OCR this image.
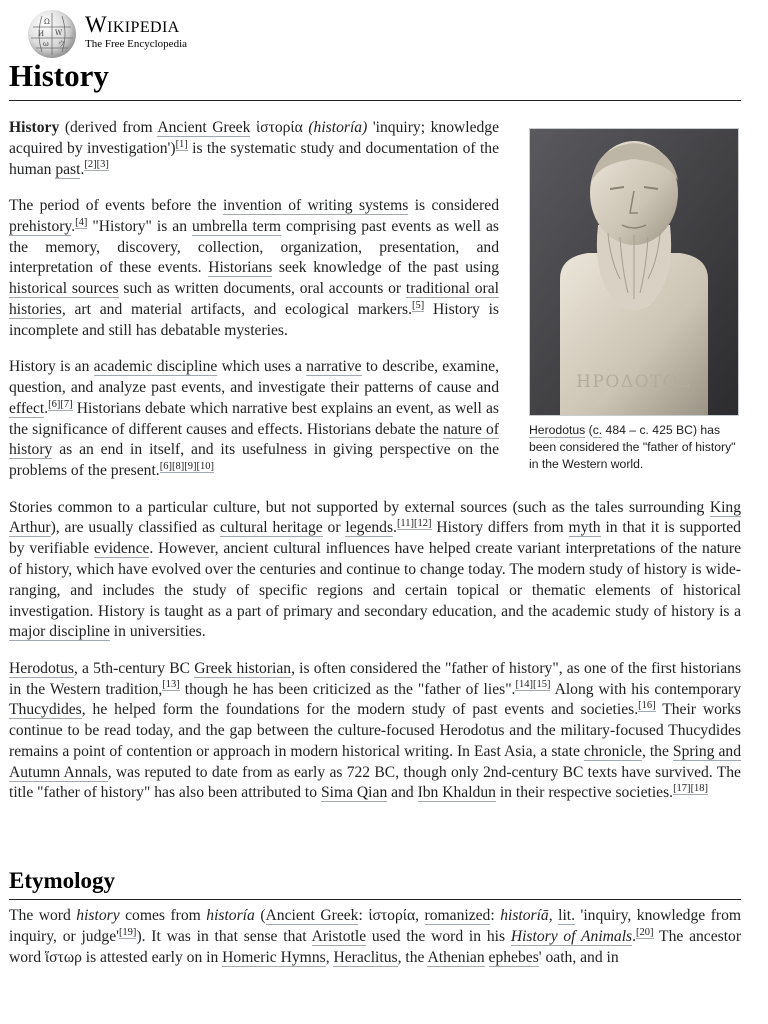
Ω
W
И
ウ
ω
Wikipedia
The Free Encyclopedia
History
ΗΡΟΔΟΤΟΣ
Herodotus (c. 484 – c. 425 BC) has been considered the "father of history" in the Western world.

History (derived from Ancient Greek ἱστορία (historía) 'inquiry; knowledge acquired by investigation')[1] is the systematic study and documentation of the human past.[2][3]

The period of events before the invention of writing systems is considered prehistory.[4] "History" is an umbrella term comprising past events as well as the memory, discovery, collection, organization, presentation, and interpretation of these events. Historians seek knowledge of the past using historical sources such as written documents, oral accounts or traditional oral histories, art and material artifacts, and ecological markers.[5] History is incomplete and still has debatable mysteries.

History is an academic discipline which uses a narrative to describe, examine, question, and analyze past events, and investigate their patterns of cause and effect.[6][7] Historians debate which narrative best explains an event, as well as the significance of different causes and effects. Historians debate the nature of history as an end in itself, and its usefulness in giving perspective on the problems of the present.[6][8][9][10]

Stories common to a particular culture, but not supported by external sources (such as the tales surrounding King Arthur), are usually classified as cultural heritage or legends.[11][12] History differs from myth in that it is supported by verifiable evidence. However, ancient cultural influences have helped create variant interpretations of the nature of history, which have evolved over the centuries and continue to change today. The modern study of history is wide-ranging, and includes the study of specific regions and certain topical or thematic elements of historical investigation. History is taught as a part of primary and secondary education, and the academic study of history is a major discipline in universities.

Herodotus, a 5th-century BC Greek historian, is often considered the "father of history", as one of the first historians in the Western tradition,[13] though he has been criticized as the "father of lies".[14][15] Along with his contemporary Thucydides, he helped form the foundations for the modern study of past events and societies.[16] Their works continue to be read today, and the gap between the culture-focused Herodotus and the military-focused Thucydides remains a point of contention or approach in modern historical writing. In East Asia, a state chronicle, the Spring and Autumn Annals, was reputed to date from as early as 722 BC, though only 2nd-century BC texts have survived. The title "father of history" has also been attributed to Sima Qian and Ibn Khaldun in their respective societies.[17][18]

Etymology

The word history comes from historía (Ancient Greek: ἱστορία, romanized: historíā, lit. 'inquiry, knowledge from inquiry, or judge'[19]). It was in that sense that Aristotle used the word in his History of Animals.[20] The ancestor word ἵστωρ is attested early on in Homeric Hymns, Heraclitus, the Athenian ephebes' oath, and in
